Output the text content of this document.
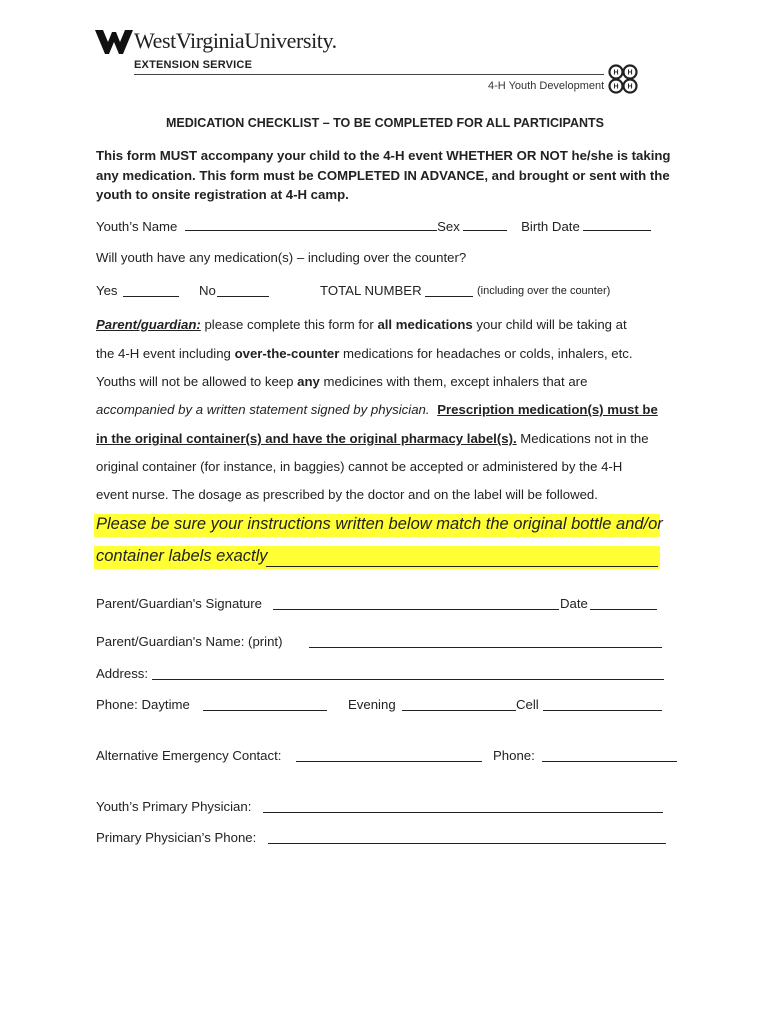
WestVirginiaUniversity.
EXTENSION SERVICE
4-H Youth Development
H H
H H
MEDICATION CHECKLIST – TO BE COMPLETED FOR ALL PARTICIPANTS
This form MUST accompany your child to the 4-H event WHETHER OR NOT he/she is taking any medication. This form must be COMPLETED IN ADVANCE, and brought or sent with the youth to onsite registration at 4-H camp.
Youth’s Name	Sex	Birth Date
Will youth have any medication(s) – including over the counter?
Yes	No	TOTAL NUMBER	(including over the counter)
Parent/guardian: please complete this form for all medications your child will be taking at
the 4-H event including over-the-counter medications for headaches or colds, inhalers, etc.
Youths will not be allowed to keep any medicines with them, except inhalers that are
accompanied by a written statement signed by physician. Prescription medication(s) must be
in the original container(s) and have the original pharmacy label(s). Medications not in the
original container (for instance, in baggies) cannot be accepted or administered by the 4-H
event nurse. The dosage as prescribed by the doctor and on the label will be followed.
Please be sure your instructions written below match the original bottle and/or
container labels exactly
Parent/Guardian's Signature	Date
Parent/Guardian's Name: (print)
Address:
Phone: Daytime	Evening	Cell
Alternative Emergency Contact:	Phone:
Youth’s Primary Physician:
Primary Physician’s Phone:
